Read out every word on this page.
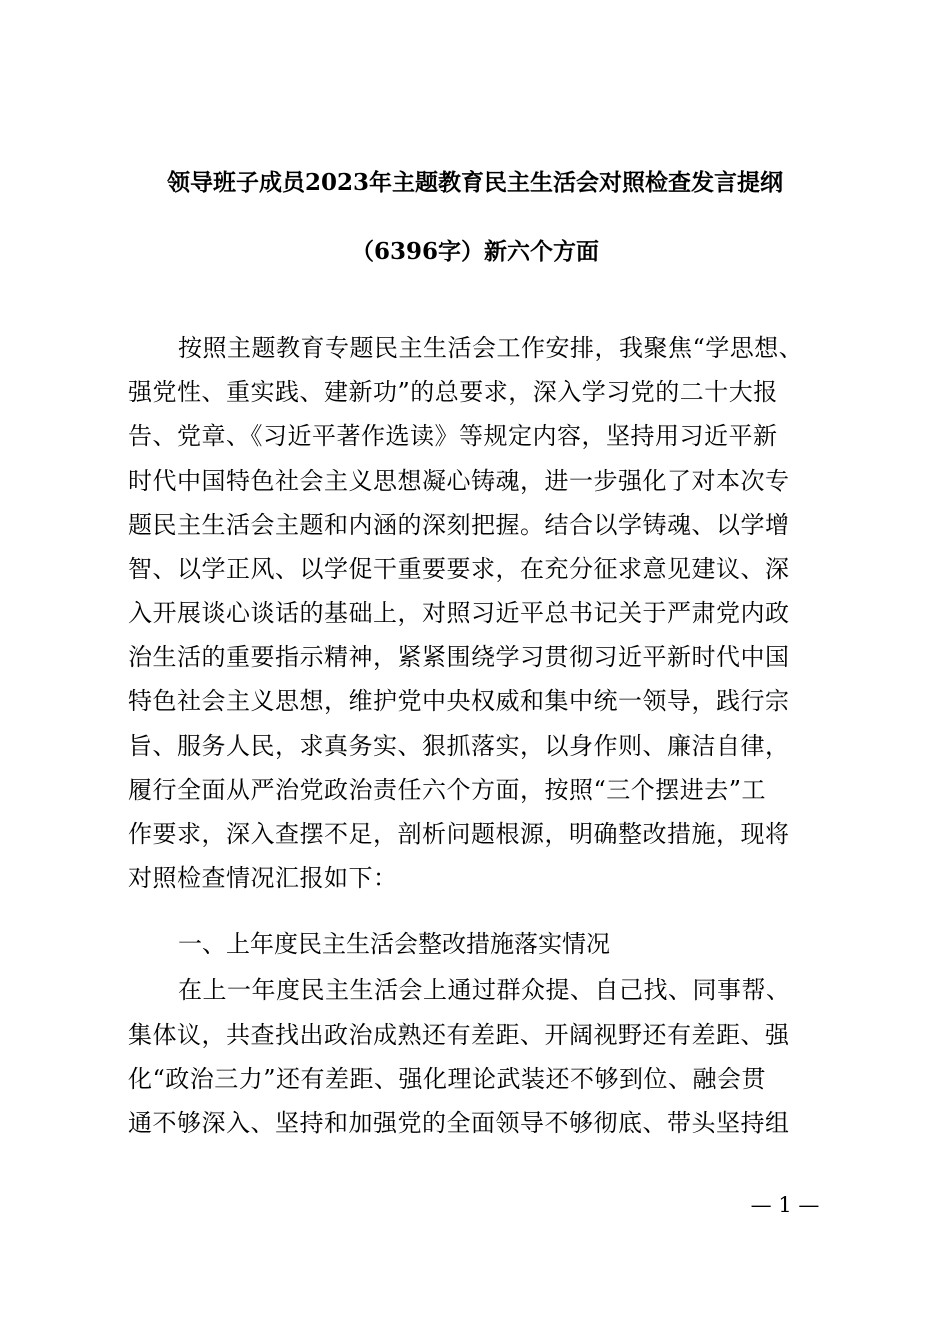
领导班子成员2023年主题教育民主生活会对照检查发言提纲
（6396字）新六个方面
按照主题教育专题民主生活会工作安排，我聚焦“学思想、
强党性、重实践、建新功”的总要求，深入学习党的二十大报
告、党章、《习近平著作选读》等规定内容，坚持用习近平新
时代中国特色社会主义思想凝心铸魂，进一步强化了对本次专
题民主生活会主题和内涵的深刻把握。结合以学铸魂、以学增
智、以学正风、以学促干重要要求，在充分征求意见建议、深
入开展谈心谈话的基础上，对照习近平总书记关于严肃党内政
治生活的重要指示精神，紧紧围绕学习贯彻习近平新时代中国
特色社会主义思想，维护党中央权威和集中统一领导，践行宗
旨、服务人民，求真务实、狠抓落实，以身作则、廉洁自律，
履行全面从严治党政治责任六个方面，按照“三个摆进去”工
作要求，深入查摆不足，剖析问题根源，明确整改措施，现将
对照检查情况汇报如下：
一、上年度民主生活会整改措施落实情况
在上一年度民主生活会上通过群众提、自己找、同事帮、
集体议，共查找出政治成熟还有差距、开阔视野还有差距、强
化“政治三力”还有差距、强化理论武装还不够到位、融会贯
通不够深入、坚持和加强党的全面领导不够彻底、带头坚持组
— 1 —
